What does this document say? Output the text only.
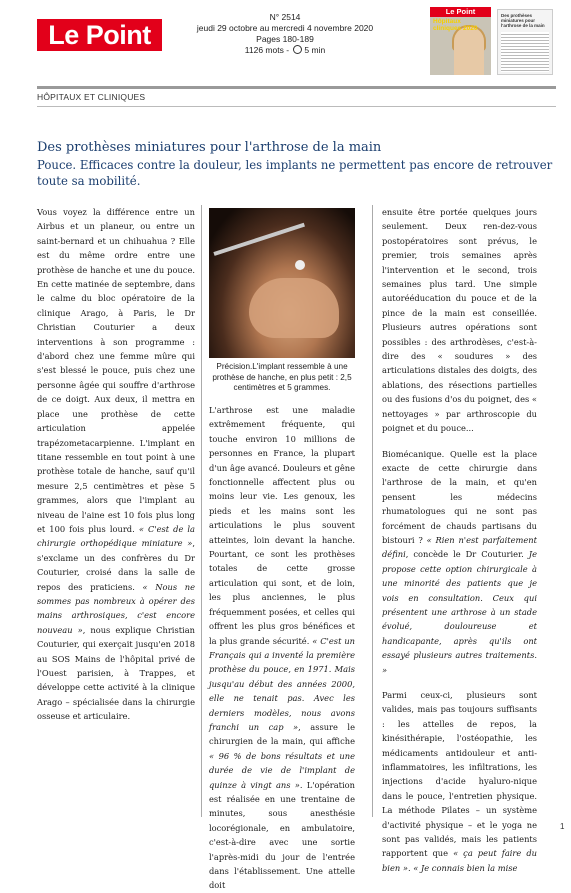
Le Point
N° 2514
jeudi 29 octobre au mercredi 4 novembre 2020
Pages 180-189
1126 mots - 5 min
Le Point
Hôpitaux cliniques 2020
Des prothèses miniatures pour l'arthrose de la main
HÔPITAUX ET CLINIQUES
Des prothèses miniatures pour l'arthrose de la main
Pouce. Efficaces contre la douleur, les implants ne permettent pas encore de retrouver toute sa mobilité.

Vous voyez la différence entre un Airbus et un planeur, ou entre un saint-bernard et un chihuahua ? Elle est du même ordre entre une prothèse de hanche et une du pouce. En cette matinée de septembre, dans le calme du bloc opératoire de la clinique Arago, à Paris, le Dr Christian Couturier a deux interventions à son programme : d'abord chez une femme mûre qui s'est blessé le pouce, puis chez une personne âgée qui souffre d'arthrose de ce doigt. Aux deux, il mettra en place une prothèse de cette articulation appelée trapézometacarpienne. L'implant en titane ressemble en tout point à une prothèse totale de hanche, sauf qu'il mesure 2,5 centimètres et pèse 5 grammes, alors que l'implant au niveau de l'aine est 10 fois plus long et 100 fois plus lourd. « C'est de la chirurgie orthopédique miniature », s'exclame un des confrères du Dr Couturier, croisé dans la salle de repos des praticiens. « Nous ne sommes pas nombreux à opérer des mains arthrosiques, c'est encore nouveau », nous explique Christian Couturier, qui exerçait jusqu'en 2018 au SOS Mains de l'hôpital privé de l'Ouest parisien, à Trappes, et développe cette activité à la clinique Arago – spécialisée dans la chirurgie osseuse et articulaire.

Précision.L'implant ressemble à une prothèse de hanche, en plus petit : 2,5 centimètres et 5 grammes.

L'arthrose est une maladie extrêmement fréquente, qui touche environ 10 millions de personnes en France, la plupart d'un âge avancé. Douleurs et gêne fonctionnelle affectent plus ou moins leur vie. Les genoux, les pieds et les mains sont les articulations le plus souvent atteintes, loin devant la hanche. Pourtant, ce sont les prothèses totales de cette grosse articulation qui sont, et de loin, les plus anciennes, le plus fréquemment posées, et celles qui offrent les plus gros bénéfices et la plus grande sécurité. « C'est un Français qui a inventé la première prothèse du pouce, en 1971. Mais jusqu'au début des années 2000, elle ne tenait pas. Avec les derniers modèles, nous avons franchi un cap », assure le chirurgien de la main, qui affiche « 96 % de bons résultats et une durée de vie de l'implant de quinze à vingt ans ». L'opération est réalisée en une trentaine de minutes, sous anesthésie locorégionale, en ambulatoire, c'est-à-dire avec une sortie l'après-midi du jour de l'entrée dans l'établissement. Une attelle doit

ensuite être portée quelques jours seulement. Deux ren-dez-vous postopératoires sont prévus, le premier, trois semaines après l'intervention et le second, trois semaines plus tard. Une simple autorééducation du pouce et de la pince de la main est conseillée. Plusieurs autres opérations sont possibles : des arthrodèses, c'est-à-dire des « soudures » des articulations distales des doigts, des ablations, des résections partielles ou des fusions d'os du poignet, des « nettoyages » par arthroscopie du poignet et du pouce...

Biomécanique. Quelle est la place exacte de cette chirurgie dans l'arthrose de la main, et qu'en pensent les médecins rhumatologues qui ne sont pas forcément de chauds partisans du bistouri ? « Rien n'est parfaitement défini, concède le Dr Couturier. Je propose cette option chirurgicale à une minorité des patients que je vois en consultation. Ceux qui présentent une arthrose à un stade évolué, douloureuse et handicapante, après qu'ils ont essayé plusieurs autres traitements. »

Parmi ceux-ci, plusieurs sont valides, mais pas toujours suffisants : les attelles de repos, la kinésithérapie, l'ostéopathie, les médicaments antidouleur et anti-inflammatoires, les infiltrations, les injections d'acide hyaluro-nique dans le pouce, l'entretien physique. La méthode Pilates – un système d'activité physique – et le yoga ne sont pas validés, mais les patients rapportent que « ça peut faire du bien ». « Je connais bien la mise

1
